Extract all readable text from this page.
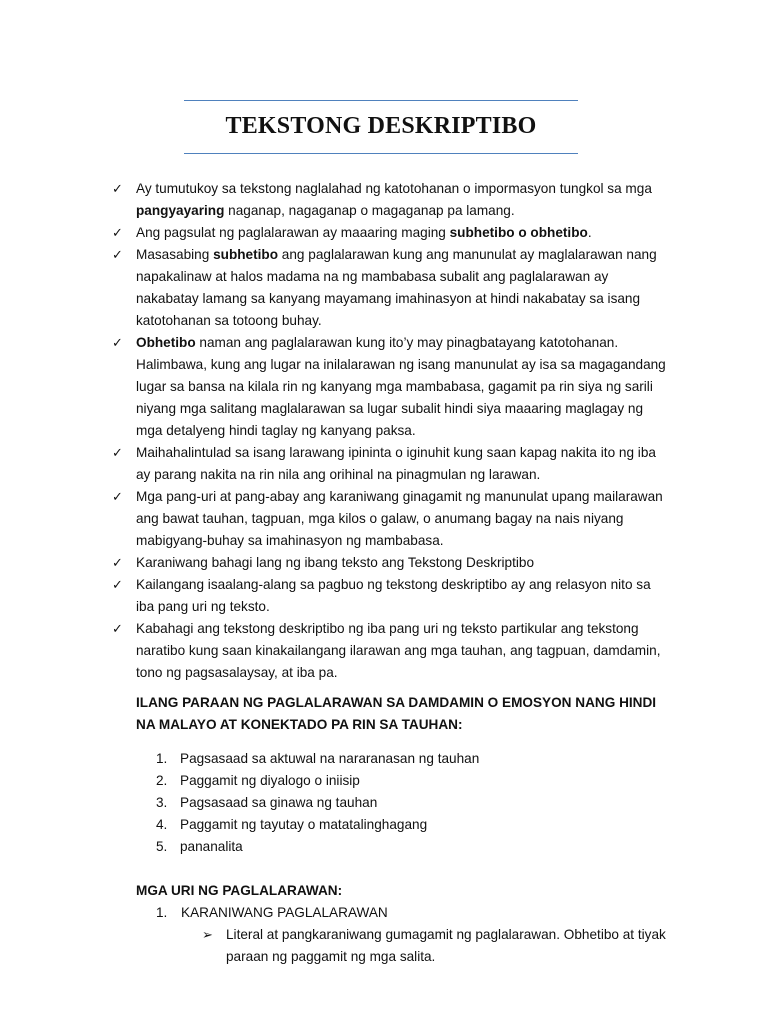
TEKSTONG DESKRIPTIBO
✓ Ay tumutukoy sa tekstong naglalahad ng katotohanan o impormasyon tungkol sa mga pangyayaring naganap, nagaganap o magaganap pa lamang.
✓ Ang pagsulat ng paglalarawan ay maaaring maging subhetibo o obhetibo.
✓ Masasabing subhetibo ang paglalarawan kung ang manunulat ay maglalarawan nang napakalinaw at halos madama na ng mambabasa subalit ang paglalarawan ay nakabatay lamang sa kanyang mayamang imahinasyon at hindi nakabatay sa isang katotohanan sa totoong buhay.
✓ Obhetibo naman ang paglalarawan kung ito’y may pinagbatayang katotohanan. Halimbawa, kung ang lugar na inilalarawan ng isang manunulat ay isa sa magagandang lugar sa bansa na kilala rin ng kanyang mga mambabasa, gagamit pa rin siya ng sarili niyang mga salitang maglalarawan sa lugar subalit hindi siya maaaring maglagay ng mga detalyeng hindi taglay ng kanyang paksa.
✓ Maihahalintulad sa isang larawang ipininta o iginuhit kung saan kapag nakita ito ng iba ay parang nakita na rin nila ang orihinal na pinagmulan ng larawan.
✓ Mga pang-uri at pang-abay ang karaniwang ginagamit ng manunulat upang mailarawan ang bawat tauhan, tagpuan, mga kilos o galaw, o anumang bagay na nais niyang mabigyang-buhay sa imahinasyon ng mambabasa.
✓ Karaniwang bahagi lang ng ibang teksto ang Tekstong Deskriptibo
✓ Kailangang isaalang-alang sa pagbuo ng tekstong deskriptibo ay ang relasyon nito sa iba pang uri ng teksto.
✓ Kabahagi ang tekstong deskriptibo ng iba pang uri ng teksto partikular ang tekstong naratibo kung saan kinakailangang ilarawan ang mga tauhan, ang tagpuan, damdamin, tono ng pagsasalaysay, at iba pa.
ILANG PARAAN NG PAGLALARAWAN SA DAMDAMIN O EMOSYON NANG HINDI NA MALAYO AT KONEKTADO PA RIN SA TAUHAN:
1. Pagsasaad sa aktuwal na nararanasan ng tauhan
2. Paggamit ng diyalogo o iniisip
3. Pagsasaad sa ginawa ng tauhan
4. Paggamit ng tayutay o matatalinghagang
5. pananalita
MGA URI NG PAGLALARAWAN:
1. KARANIWANG PAGLALARAWAN
➢ Literal at pangkaraniwang gumagamit ng paglalarawan. Obhetibo at tiyak paraan ng paggamit ng mga salita.
